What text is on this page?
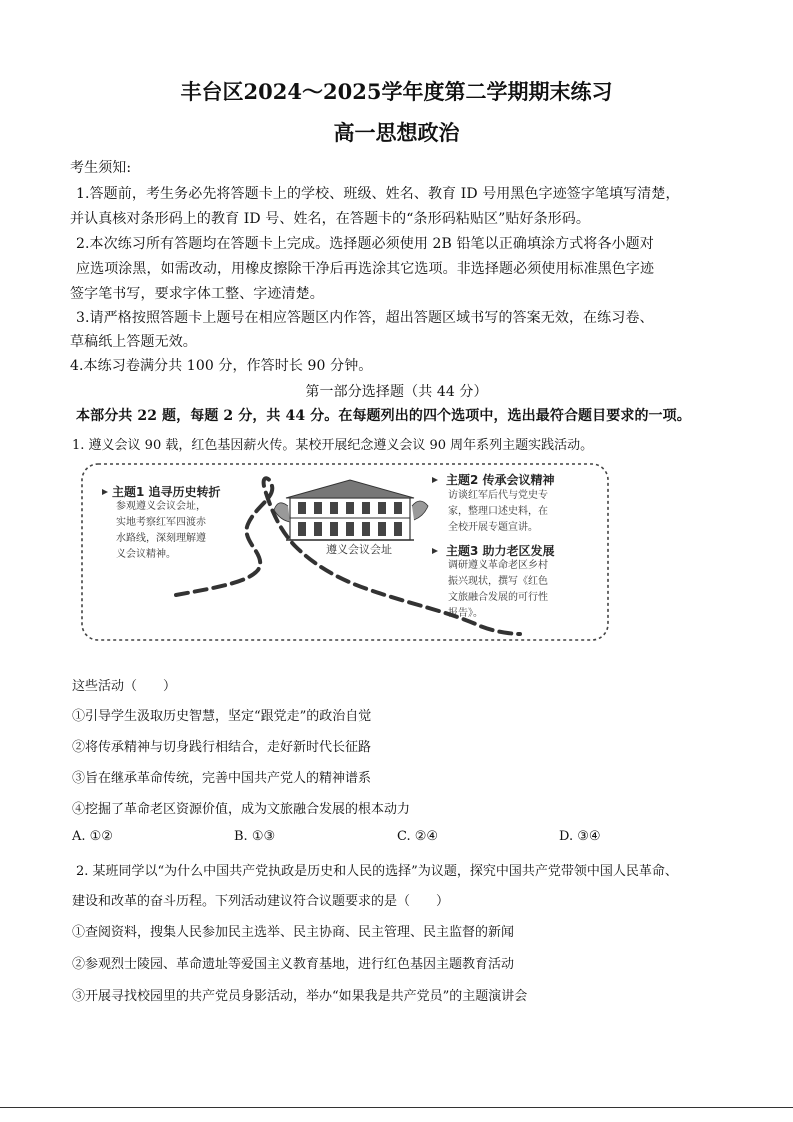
丰台区2024～2025学年度第二学期期末练习
高一思想政治
考生须知:
1.答题前，考生务必先将答题卡上的学校、班级、姓名、教育 ID 号用黑色字迹签字笔填写清楚，
并认真核对条形码上的教育 ID 号、姓名，在答题卡的“条形码粘贴区”贴好条形码。
2.本次练习所有答题均在答题卡上完成。选择题必须使用 2B 铅笔以正确填涂方式将各小题对
应选项涂黑，如需改动，用橡皮擦除干净后再选涂其它选项。非选择题必须使用标准黑色字迹
签字笔书写，要求字体工整、字迹清楚。
3.请严格按照答题卡上题号在相应答题区内作答，超出答题区域书写的答案无效，在练习卷、
草稿纸上答题无效。
4.本练习卷满分共 100 分，作答时长 90 分钟。
第一部分选择题（共 44 分）
本部分共 22 题，每题 2 分，共 44 分。在每题列出的四个选项中，选出最符合题目要求的一项。
1. 遵义会议 90 载，红色基因薪火传。某校开展纪念遵义会议 90 周年系列主题实践活动。
主题1 追寻历史转折
参观遵义会议会址，
实地考察红军四渡赤
水路线，深刻理解遵
义会议精神。
主题2 传承会议精神
访谈红军后代与党史专
家，整理口述史料，在
全校开展专题宣讲。
主题3 助力老区发展
调研遵义革命老区乡村
振兴现状，撰写《红色
文旅融合发展的可行性
报告》。
遵义会议会址
这些活动（　　）
①引导学生汲取历史智慧，坚定“跟党走”的政治自觉
②将传承精神与切身践行相结合，走好新时代长征路
③旨在继承革命传统，完善中国共产党人的精神谱系
④挖掘了革命老区资源价值，成为文旅融合发展的根本动力
A. ①②	B. ①③	C. ②④	D. ③④
2. 某班同学以“为什么中国共产党执政是历史和人民的选择”为议题，探究中国共产党带领中国人民革命、
建设和改革的奋斗历程。下列活动建议符合议题要求的是（　　）
①查阅资料，搜集人民参加民主选举、民主协商、民主管理、民主监督的新闻
②参观烈士陵园、革命遗址等爱国主义教育基地，进行红色基因主题教育活动
③开展寻找校园里的共产党员身影活动，举办“如果我是共产党员”的主题演讲会
